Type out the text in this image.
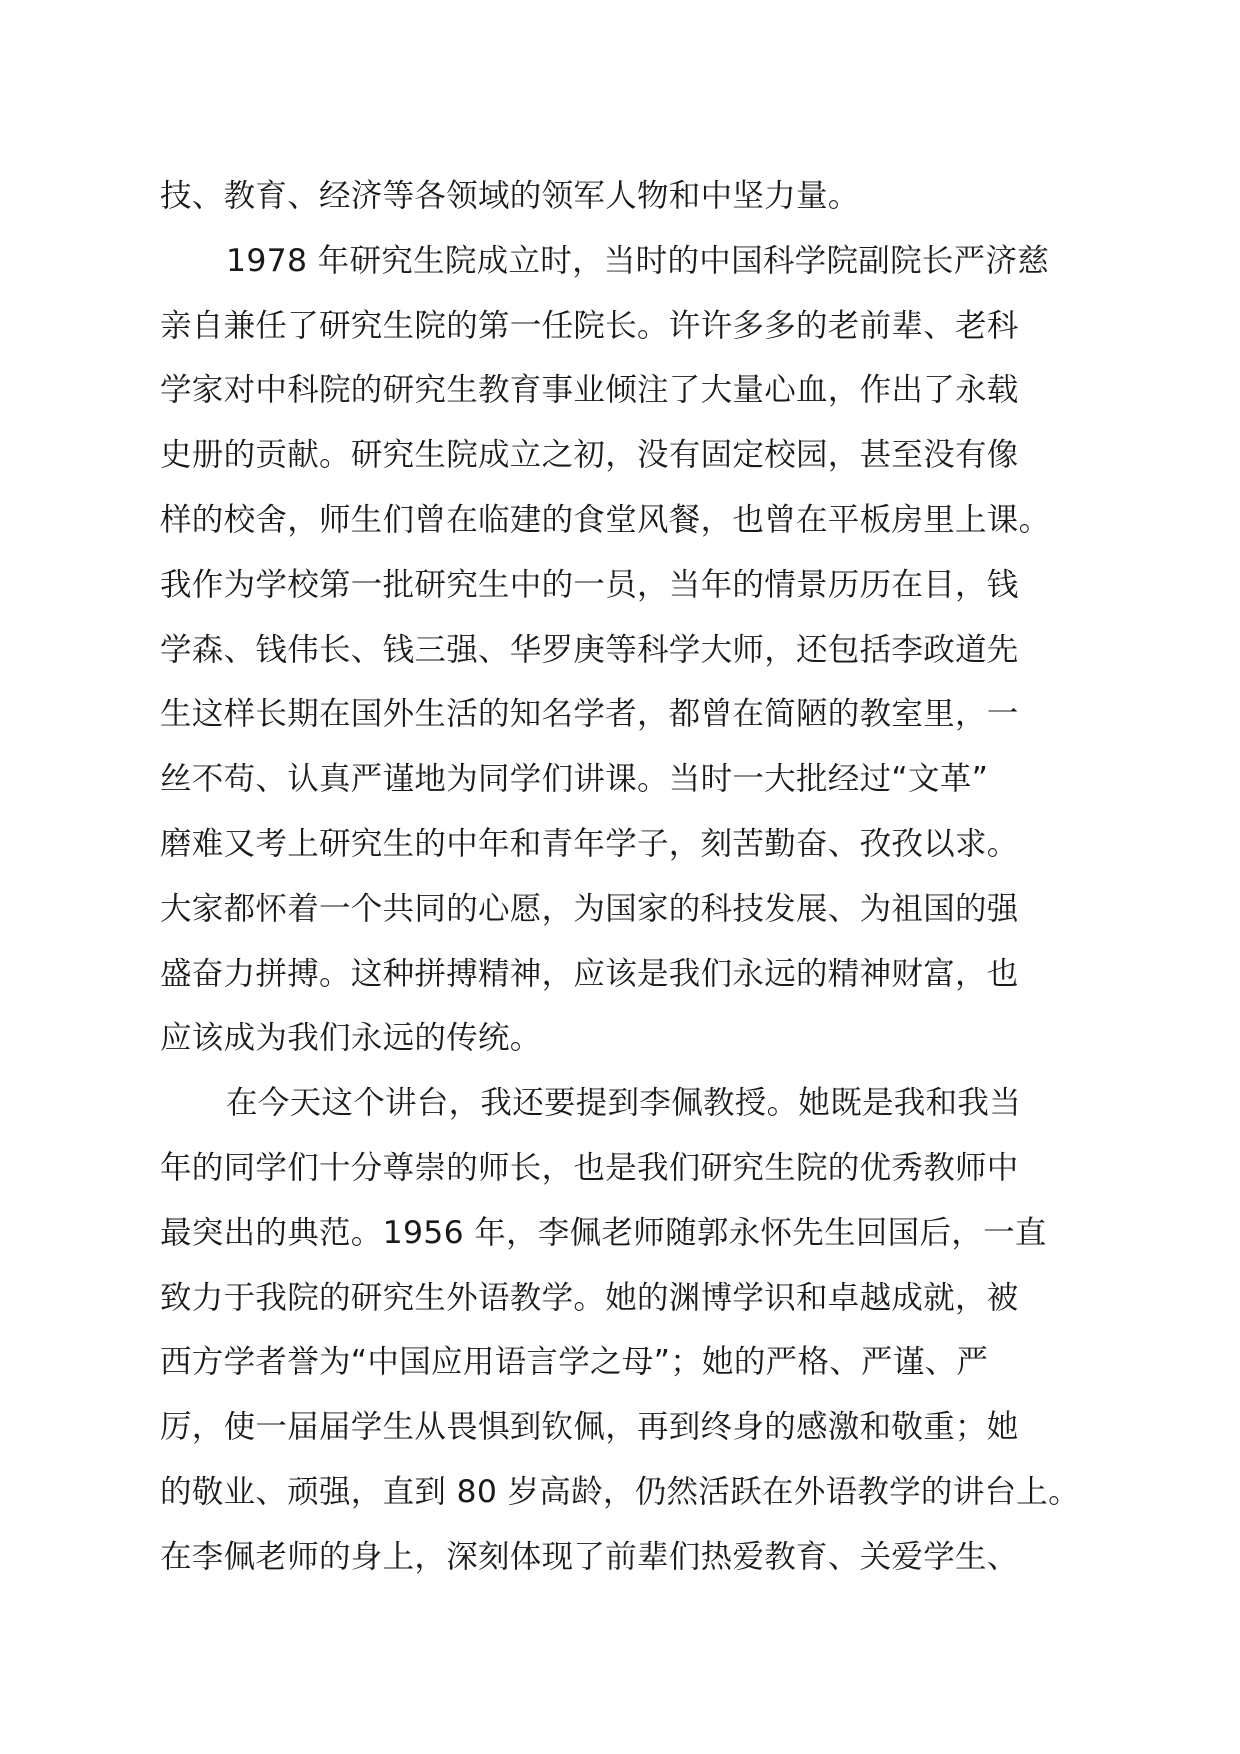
技、教育、经济等各领域的领军人物和中坚力量。
1978 年研究生院成立时，当时的中国科学院副院长严济慈
亲自兼任了研究生院的第一任院长。许许多多的老前辈、老科
学家对中科院的研究生教育事业倾注了大量心血，作出了永载
史册的贡献。研究生院成立之初，没有固定校园，甚至没有像
样的校舍，师生们曾在临建的食堂风餐，也曾在平板房里上课。
我作为学校第一批研究生中的一员，当年的情景历历在目，钱
学森、钱伟长、钱三强、华罗庚等科学大师，还包括李政道先
生这样长期在国外生活的知名学者，都曾在简陋的教室里，一
丝不苟、认真严谨地为同学们讲课。当时一大批经过“文革”
磨难又考上研究生的中年和青年学子，刻苦勤奋、孜孜以求。
大家都怀着一个共同的心愿，为国家的科技发展、为祖国的强
盛奋力拼搏。这种拼搏精神，应该是我们永远的精神财富，也
应该成为我们永远的传统。
在今天这个讲台，我还要提到李佩教授。她既是我和我当
年的同学们十分尊崇的师长，也是我们研究生院的优秀教师中
最突出的典范。1956 年，李佩老师随郭永怀先生回国后，一直
致力于我院的研究生外语教学。她的渊博学识和卓越成就，被
西方学者誉为“中国应用语言学之母”；她的严格、严谨、严
厉，使一届届学生从畏惧到钦佩，再到终身的感激和敬重；她
的敬业、顽强，直到 80 岁高龄，仍然活跃在外语教学的讲台上。
在李佩老师的身上，深刻体现了前辈们热爱教育、关爱学生、
